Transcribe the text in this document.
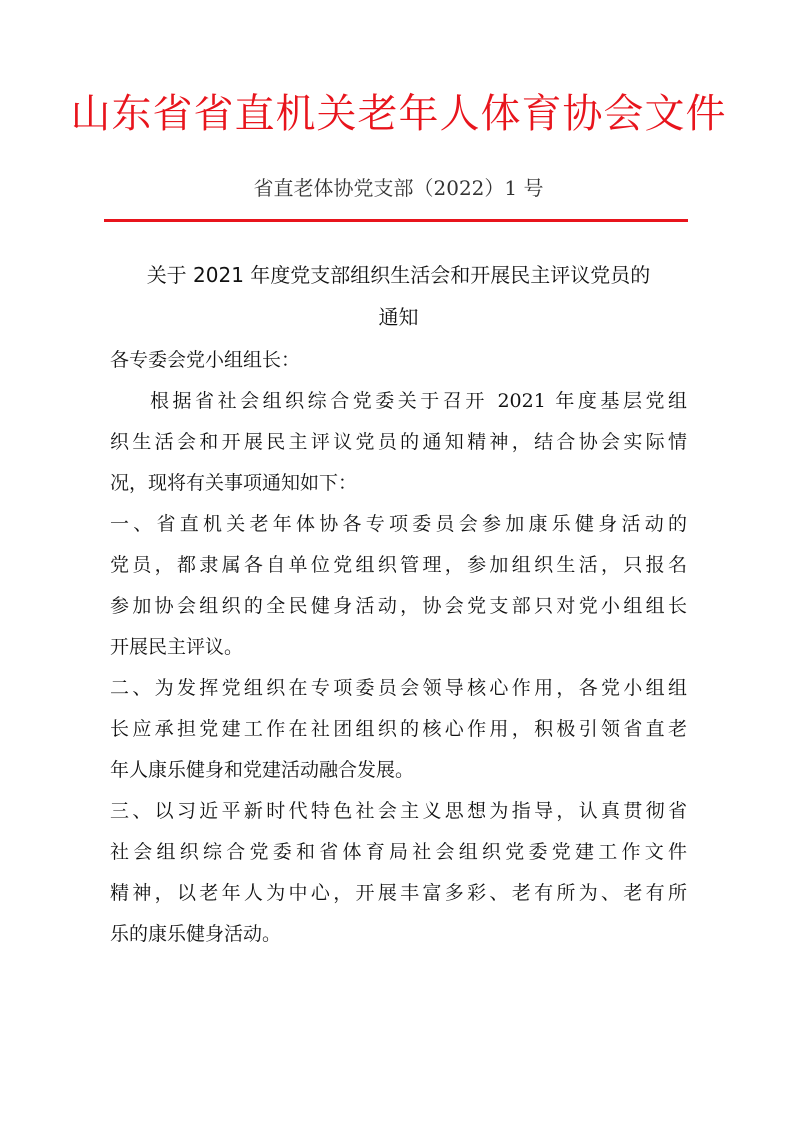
山东省省直机关老年人体育协会文件
省直老体协党支部（2022）1 号
关于 2021 年度党支部组织生活会和开展民主评议党员的
通知
各专委会党小组组长：
根据省社会组织综合党委关于召开 2021 年度基层党组
织生活会和开展民主评议党员的通知精神，结合协会实际情
况，现将有关事项通知如下：
一、省直机关老年体协各专项委员会参加康乐健身活动的
党员，都隶属各自单位党组织管理，参加组织生活，只报名
参加协会组织的全民健身活动，协会党支部只对党小组组长
开展民主评议。
二、为发挥党组织在专项委员会领导核心作用，各党小组组
长应承担党建工作在社团组织的核心作用，积极引领省直老
年人康乐健身和党建活动融合发展。
三、以习近平新时代特色社会主义思想为指导，认真贯彻省
社会组织综合党委和省体育局社会组织党委党建工作文件
精神，以老年人为中心，开展丰富多彩、老有所为、老有所
乐的康乐健身活动。
